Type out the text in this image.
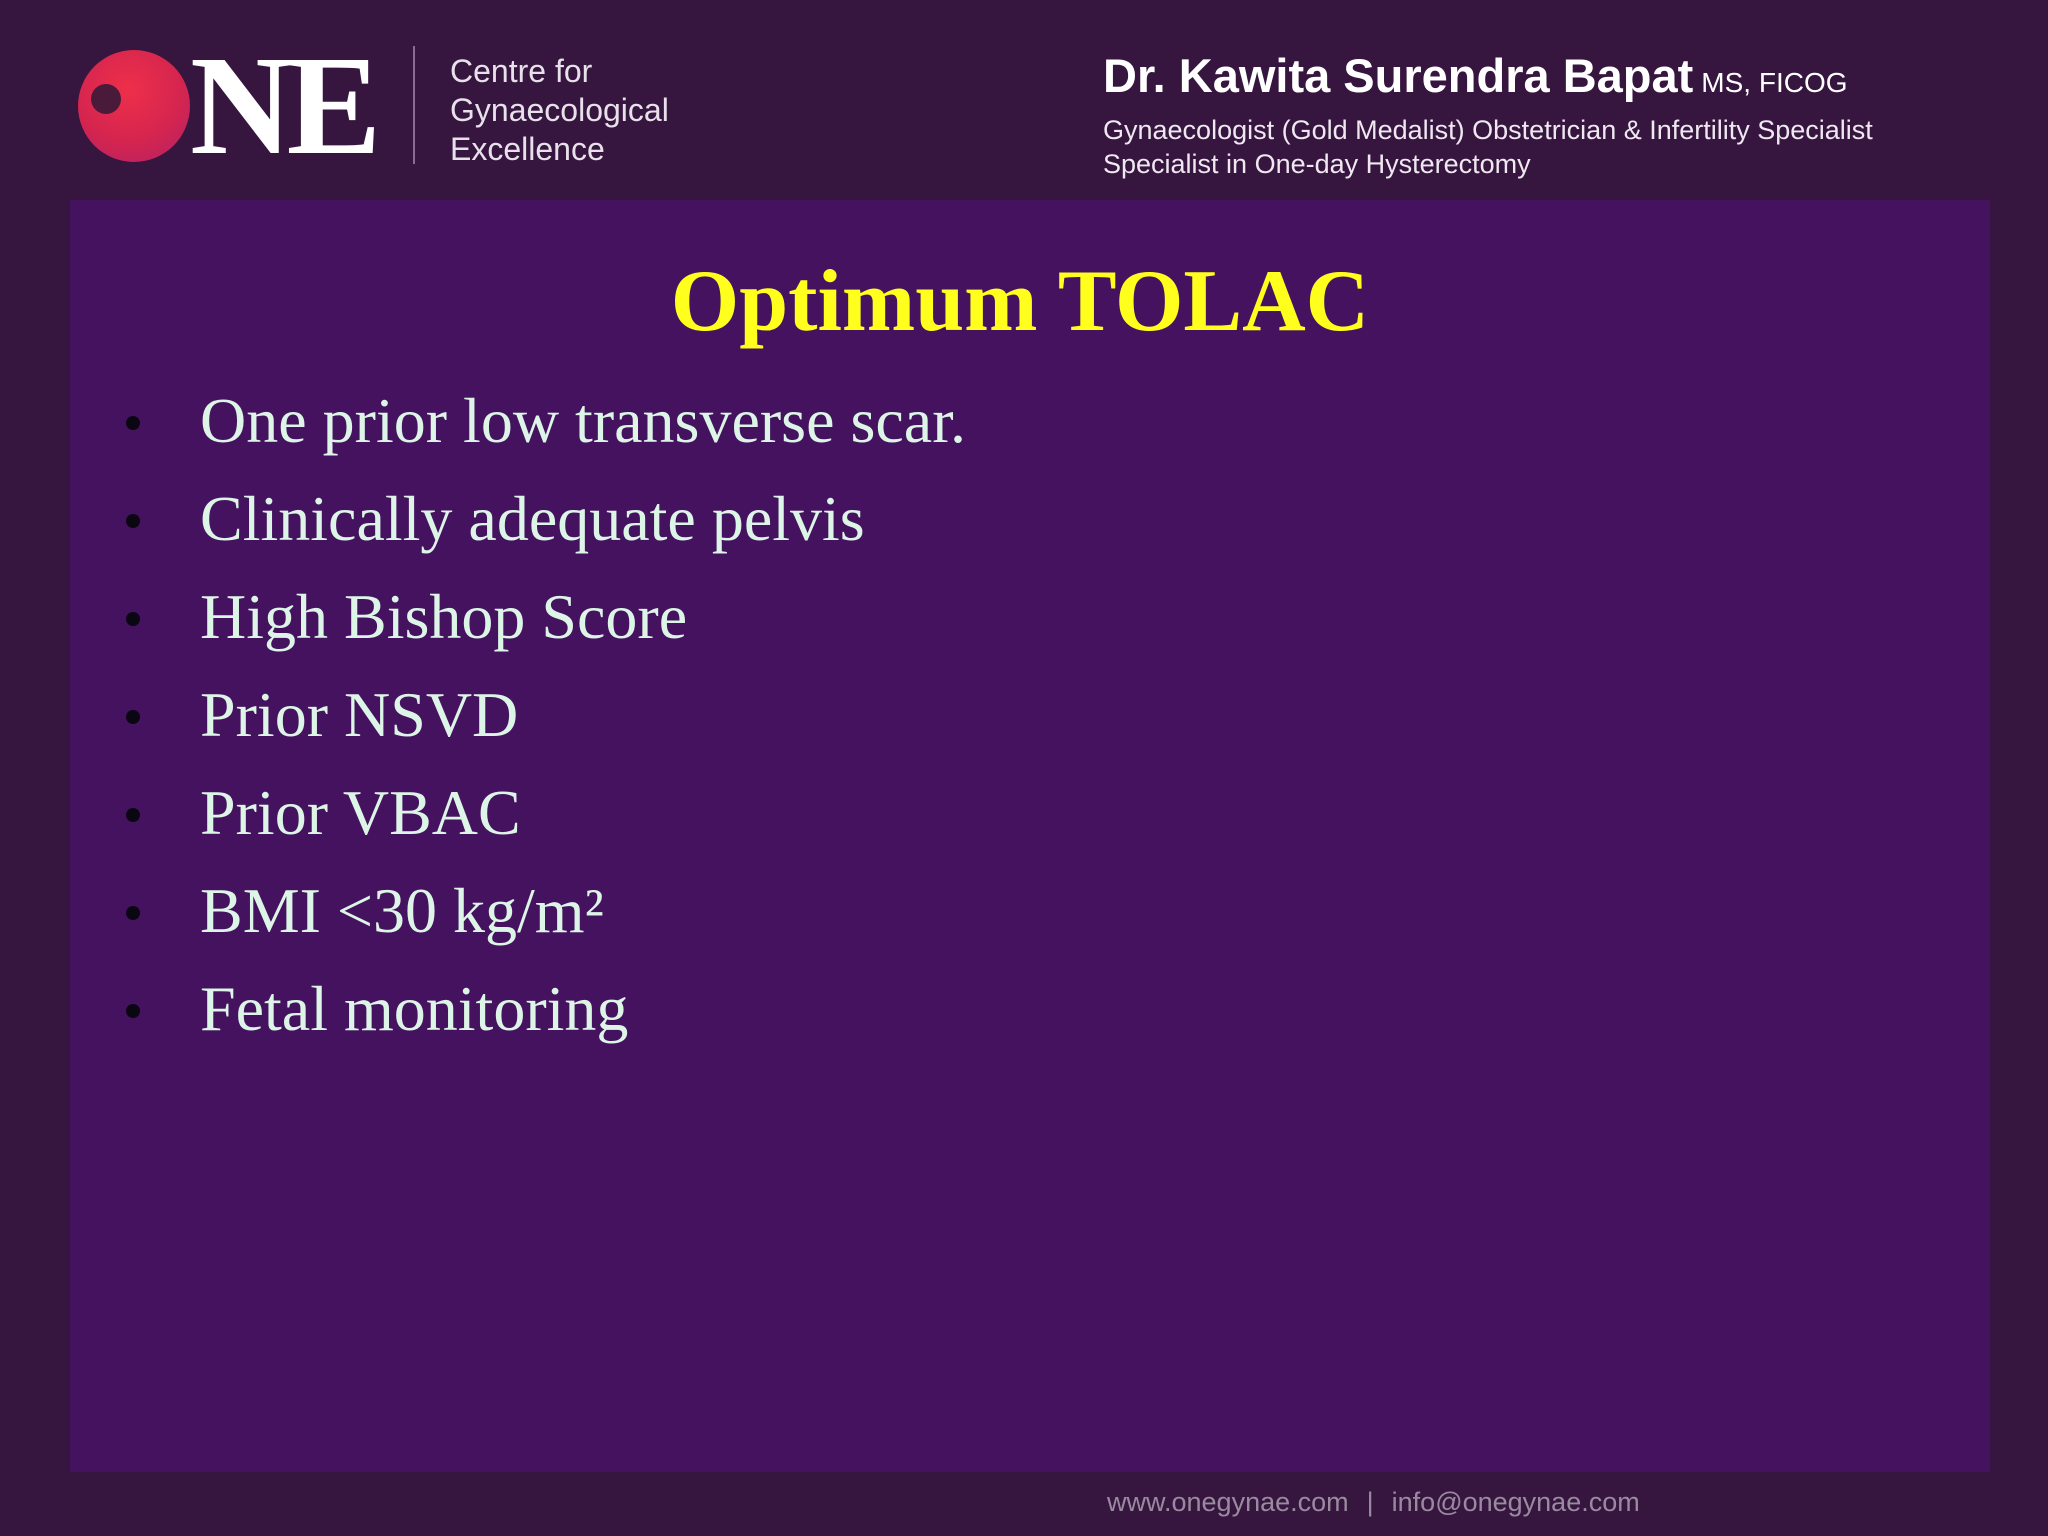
NE Centre for
Gynaecological
Excellence
Dr. Kawita Surendra Bapat MS, FICOG
Gynaecologist (Gold Medalist) Obstetrician & Infertility Specialist
Specialist in One-day Hysterectomy
Optimum TOLAC
One prior low transverse scar.
Clinically adequate pelvis
High Bishop Score
Prior NSVD
Prior VBAC
BMI <30 kg/m²
Fetal monitoring
www.onegynae.com | info@onegynae.com
